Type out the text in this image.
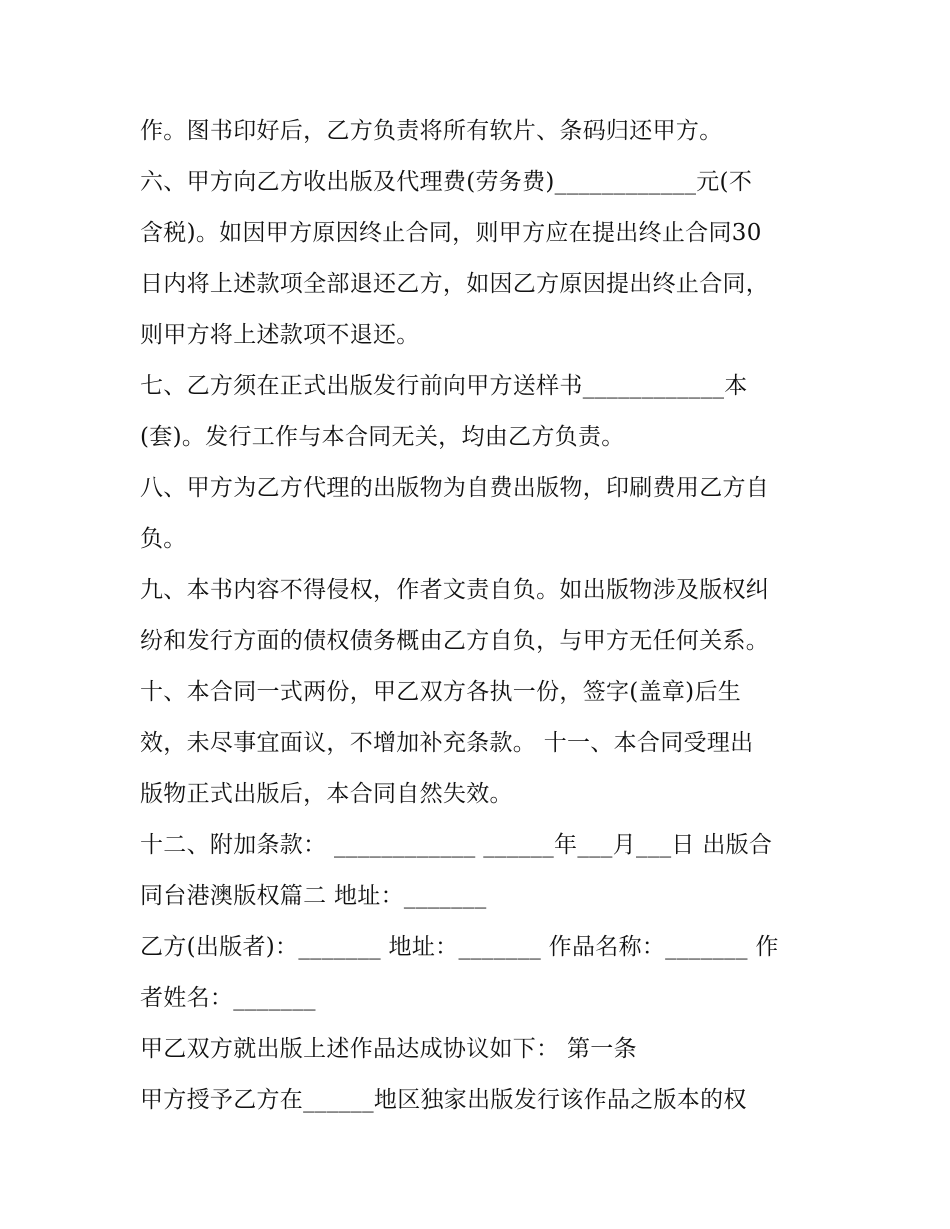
作。图书印好后，乙方负责将所有软片、条码归还甲方。
六、甲方向乙方收出版及代理费(劳务费)____________元(不
含税)。如因甲方原因终止合同，则甲方应在提出终止合同30
日内将上述款项全部退还乙方，如因乙方原因提出终止合同，
则甲方将上述款项不退还。
七、乙方须在正式出版发行前向甲方送样书____________本
(套)。发行工作与本合同无关，均由乙方负责。
八、甲方为乙方代理的出版物为自费出版物，印刷费用乙方自
负。
九、本书内容不得侵权，作者文责自负。如出版物涉及版权纠
纷和发行方面的债权债务概由乙方自负，与甲方无任何关系。
十、本合同一式两份，甲乙双方各执一份，签字(盖章)后生
效，未尽事宜面议，不增加补充条款。 十一、本合同受理出
版物正式出版后，本合同自然失效。
十二、附加条款： ____________ ______年___月___日 出版合
同台港澳版权篇二 地址：_______
乙方(出版者)：_______ 地址：_______ 作品名称：_______ 作
者姓名：_______
甲乙双方就出版上述作品达成协议如下： 第一条
甲方授予乙方在______地区独家出版发行该作品之版本的权
